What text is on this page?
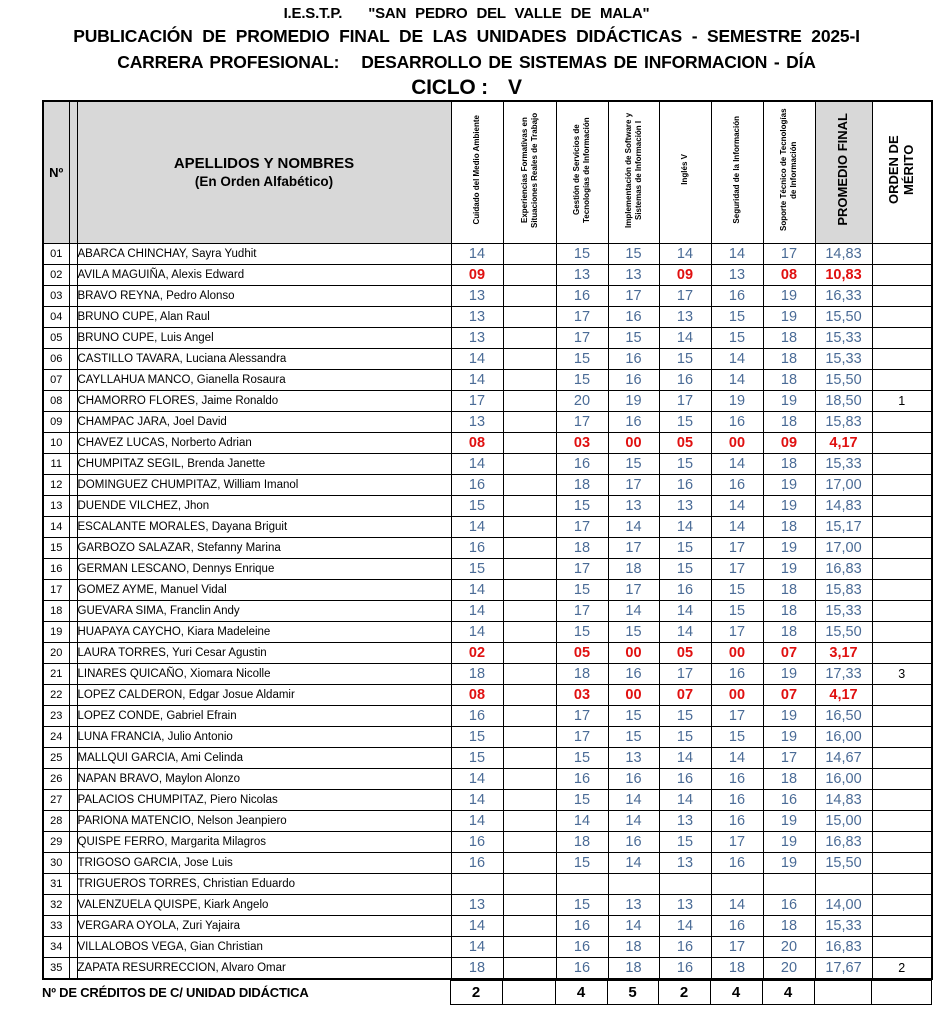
I.E.S.T.P. "SAN PEDRO DEL VALLE DE MALA"
PUBLICACIÓN DE PROMEDIO FINAL DE LAS UNIDADES DIDÁCTICAS - SEMESTRE 2025-I
CARRERA PROFESIONAL: DESARROLLO DE SISTEMAS DE INFORMACION - DÍA
CICLO : V
Nº		APELLIDOS Y NOMBRES
(En Orden Alfabético)	Cuidado del Medio Ambiente	Experiencias Formativas en Situaciones Reales de Trabajo	Gestión de Servicios de Tecnologías de Información	Implementación de Software y Sistemas de Información I	Inglés V	Seguridad de la Información	Soporte Técnico de Tecnologías de Información	PROMEDIO FINAL	ORDEN DE MÉRITO
01		ABARCA CHINCHAY, Sayra Yudhit	14		15	15	14	14	17	14,83	
02		AVILA MAGUIÑA, Alexis Edward	09		13	13	09	13	08	10,83	
03		BRAVO REYNA, Pedro Alonso	13		16	17	17	16	19	16,33	
04		BRUNO CUPE, Alan Raul	13		17	16	13	15	19	15,50	
05		BRUNO CUPE, Luis Angel	13		17	15	14	15	18	15,33	
06		CASTILLO TAVARA, Luciana Alessandra	14		15	16	15	14	18	15,33	
07		CAYLLAHUA MANCO, Gianella Rosaura	14		15	16	16	14	18	15,50	
08		CHAMORRO FLORES, Jaime Ronaldo	17		20	19	17	19	19	18,50	1
09		CHAMPAC JARA, Joel David	13		17	16	15	16	18	15,83	
10		CHAVEZ LUCAS, Norberto Adrian	08		03	00	05	00	09	4,17	
11		CHUMPITAZ SEGIL, Brenda Janette	14		16	15	15	14	18	15,33	
12		DOMINGUEZ CHUMPITAZ, William Imanol	16		18	17	16	16	19	17,00	
13		DUENDE VILCHEZ, Jhon	15		15	13	13	14	19	14,83	
14		ESCALANTE MORALES, Dayana Briguit	14		17	14	14	14	18	15,17	
15		GARBOZO SALAZAR, Stefanny Marina	16		18	17	15	17	19	17,00	
16		GERMAN LESCANO, Dennys Enrique	15		17	18	15	17	19	16,83	
17		GOMEZ AYME, Manuel Vidal	14		15	17	16	15	18	15,83	
18		GUEVARA SIMA, Franclin Andy	14		17	14	14	15	18	15,33	
19		HUAPAYA CAYCHO, Kiara Madeleine	14		15	15	14	17	18	15,50	
20		LAURA TORRES, Yuri Cesar Agustin	02		05	00	05	00	07	3,17	
21		LINARES QUICAÑO, Xiomara Nicolle	18		18	16	17	16	19	17,33	3
22		LOPEZ CALDERON, Edgar Josue Aldamir	08		03	00	07	00	07	4,17	
23		LOPEZ CONDE, Gabriel Efrain	16		17	15	15	17	19	16,50	
24		LUNA FRANCIA, Julio Antonio	15		17	15	15	15	19	16,00	
25		MALLQUI GARCIA, Ami Celinda	15		15	13	14	14	17	14,67	
26		NAPAN BRAVO, Maylon Alonzo	14		16	16	16	16	18	16,00	
27		PALACIOS CHUMPITAZ, Piero Nicolas	14		15	14	14	16	16	14,83	
28		PARIONA MATENCIO, Nelson Jeanpiero	14		14	14	13	16	19	15,00	
29		QUISPE FERRO, Margarita Milagros	16		18	16	15	17	19	16,83	
30		TRIGOSO GARCIA, Jose Luis	16		15	14	13	16	19	15,50	
31		TRIGUEROS TORRES, Christian Eduardo									
32		VALENZUELA QUISPE, Kiark Angelo	13		15	13	13	14	16	14,00	
33		VERGARA OYOLA, Zuri Yajaira	14		16	14	14	16	18	15,33	
34		VILLALOBOS VEGA, Gian Christian	14		16	18	16	17	20	16,83	
35		ZAPATA RESURRECCION, Alvaro Omar	18		16	18	16	18	20	17,67	2
Nº DE CRÉDITOS DE C/ UNIDAD DIDÁCTICA	2		4	5	2	4	4		
